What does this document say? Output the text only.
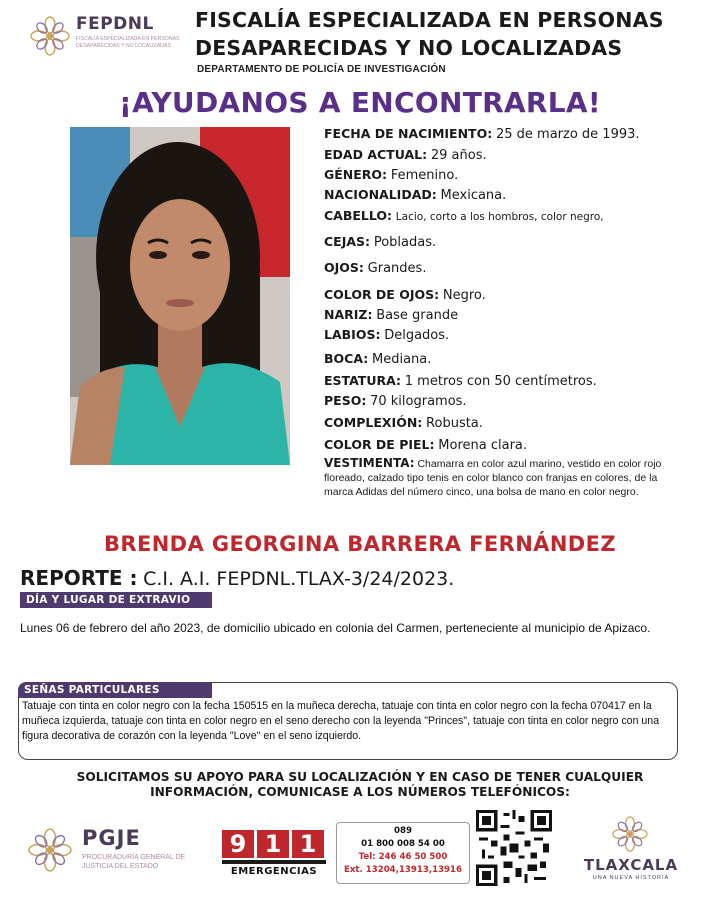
FEPDNL
FISCALÍA ESPECIALIZADA EN PERSONAS DESAPARECIDAS Y NO LOCALIZADAS
FISCALÍA ESPECIALIZADA EN PERSONAS
DESAPARECIDAS Y NO LOCALIZADAS
DEPARTAMENTO DE POLICÍA DE INVESTIGACIÓN
¡AYUDANOS A ENCONTRARLA!
FECHA DE NACIMIENTO: 25 de marzo de 1993.
EDAD ACTUAL: 29 años.
GÉNERO: Femenino.
NACIONALIDAD: Mexicana.
CABELLO: Lacio, corto a los hombros, color negro,
CEJAS: Pobladas.
OJOS: Grandes.
COLOR DE OJOS: Negro.
NARIZ: Base grande
LABIOS: Delgados.
BOCA: Mediana.
ESTATURA: 1 metros con 50 centímetros.
PESO: 70 kilogramos.
COMPLEXIÓN: Robusta.
COLOR DE PIEL: Morena clara.
VESTIMENTA: Chamarra en color azul marino, vestido en color rojo floreado, calzado tipo tenis en color blanco con franjas en colores, de la marca Adidas del número cinco, una bolsa de mano en color negro.
BRENDA GEORGINA BARRERA FERNÁNDEZ
REPORTE : C.I. A.I. FEPDNL.TLAX-3/24/2023.
DÍA Y LUGAR DE EXTRAVIO
Lunes 06 de febrero del año 2023, de domicilio ubicado en colonia del Carmen, perteneciente al municipio de Apizaco.
SEÑAS PARTICULARES
Tatuaje con tinta en color negro con la fecha 150515 en la muñeca derecha, tatuaje con tinta en color negro con la fecha 070417 en la muñeca izquierda, tatuaje con tinta en color negro en el seno derecho con la leyenda "Princes", tatuaje con tinta en color negro con una figura decorativa de corazón con la leyenda "Love" en el seno izquierdo.
SOLICITAMOS SU APOYO PARA SU LOCALIZACIÓN Y EN CASO DE TENER CUALQUIER
INFORMACIÓN, COMUNICASE A LOS NÚMEROS TELEFÓNICOS:
PGJE
PROCURADURÍA GENERAL DE JUSTICIA DEL ESTADO
9 1 1
EMERGENCIAS
089
01 800 008 54 00
Tel: 246 46 50 500
Ext. 13204,13913,13916	TLAXCALA
UNA NUEVA HISTORIA
